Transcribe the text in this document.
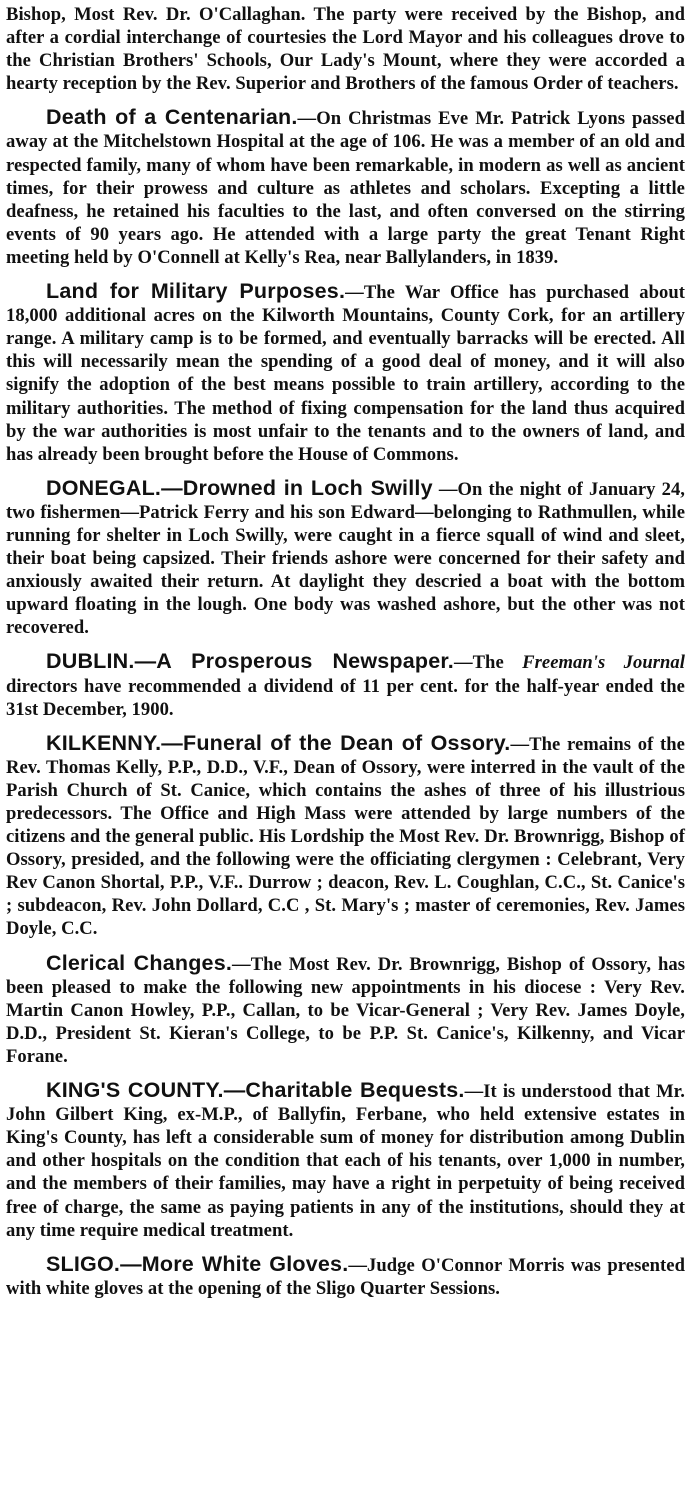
Bishop, Most Rev. Dr. O'Callaghan. The party were received by the Bishop, and after a cordial interchange of courtesies the Lord Mayor and his colleagues drove to the Christian Brothers' Schools, Our Lady's Mount, where they were accorded a hearty reception by the Rev. Superior and Brothers of the famous Order of teachers.

Death of a Centenarian.—On Christmas Eve Mr. Patrick Lyons passed away at the Mitchelstown Hospital at the age of 106. He was a member of an old and respected family, many of whom have been remarkable, in modern as well as ancient times, for their prowess and culture as athletes and scholars. Excepting a little deafness, he retained his faculties to the last, and often conversed on the stirring events of 90 years ago. He attended with a large party the great Tenant Right meeting held by O'Connell at Kelly's Rea, near Ballylanders, in 1839.

Land for Military Purposes.—The War Office has purchased about 18,000 additional acres on the Kilworth Mountains, County Cork, for an artillery range. A military camp is to be formed, and eventually barracks will be erected. All this will necessarily mean the spending of a good deal of money, and it will also signify the adoption of the best means possible to train artillery, according to the military authorities. The method of fixing compensation for the land thus acquired by the war authorities is most unfair to the tenants and to the owners of land, and has already been brought before the House of Commons.

DONEGAL.—Drowned in Loch Swilly —On the night of January 24, two fishermen—Patrick Ferry and his son Edward—belonging to Rathmullen, while running for shelter in Loch Swilly, were caught in a fierce squall of wind and sleet, their boat being capsized. Their friends ashore were concerned for their safety and anxiously awaited their return. At daylight they descried a boat with the bottom upward floating in the lough. One body was washed ashore, but the other was not recovered.

DUBLIN.—A Prosperous Newspaper.—The Freeman's Journal directors have recommended a dividend of 11 per cent. for the half-year ended the 31st December, 1900.

KILKENNY.—Funeral of the Dean of Ossory.—The remains of the Rev. Thomas Kelly, P.P., D.D., V.F., Dean of Ossory, were interred in the vault of the Parish Church of St. Canice, which contains the ashes of three of his illustrious predecessors. The Office and High Mass were attended by large numbers of the citizens and the general public. His Lordship the Most Rev. Dr. Brownrigg, Bishop of Ossory, presided, and the following were the officiating clergymen : Celebrant, Very Rev Canon Shortal, P.P., V.F.. Durrow ; deacon, Rev. L. Coughlan, C.C., St. Canice's ; subdeacon, Rev. John Dollard, C.C , St. Mary's ; master of ceremonies, Rev. James Doyle, C.C.

Clerical Changes.—The Most Rev. Dr. Brownrigg, Bishop of Ossory, has been pleased to make the following new appointments in his diocese : Very Rev. Martin Canon Howley, P.P., Callan, to be Vicar-General ; Very Rev. James Doyle, D.D., President St. Kieran's College, to be P.P. St. Canice's, Kilkenny, and Vicar Forane.

KING'S COUNTY.—Charitable Bequests.—It is understood that Mr. John Gilbert King, ex-M.P., of Ballyfin, Ferbane, who held extensive estates in King's County, has left a considerable sum of money for distribution among Dublin and other hospitals on the condition that each of his tenants, over 1,000 in number, and the members of their families, may have a right in perpetuity of being received free of charge, the same as paying patients in any of the institutions, should they at any time require medical treatment.

SLIGO.—More White Gloves.—Judge O'Connor Morris was presented with white gloves at the opening of the Sligo Quarter Sessions.
